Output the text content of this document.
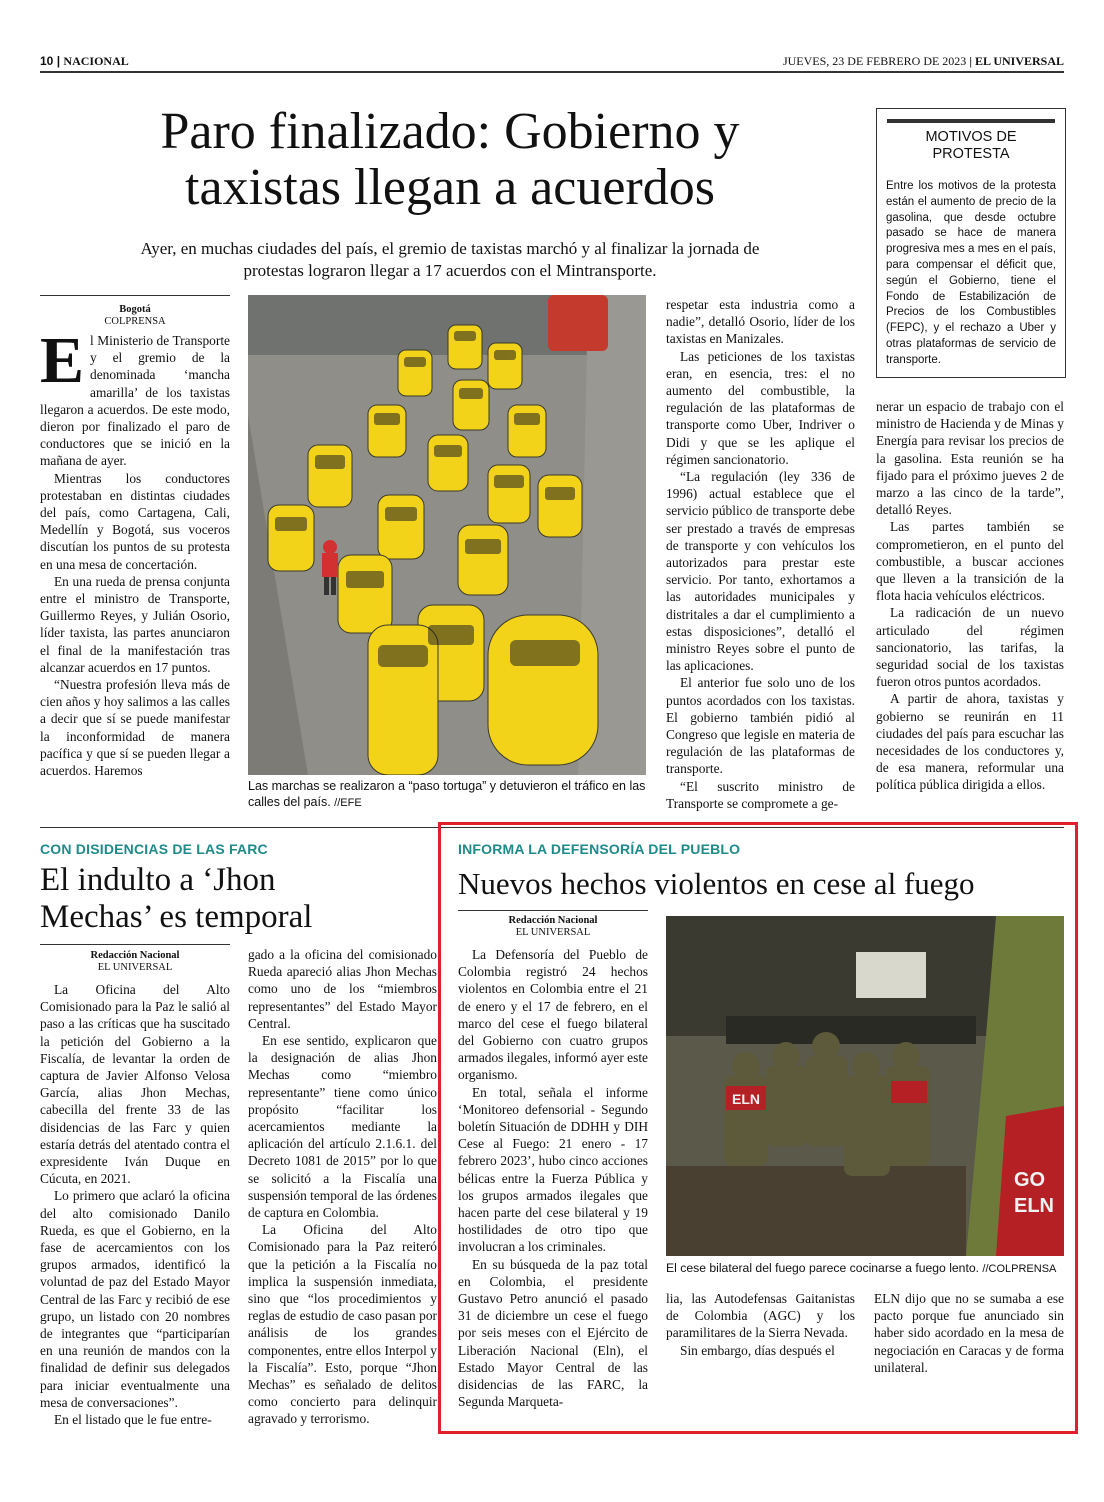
10 | NACIONAL	JUEVES, 23 DE FEBRERO DE 2023 | EL UNIVERSAL
Paro finalizado: Gobierno y
taxistas llegan a acuerdos
Ayer, en muchas ciudades del país, el gremio de taxistas marchó y al finalizar la jornada de
protestas lograron llegar a 17 acuerdos con el Mintransporte.
MOTIVOS DE
PROTESTA
Entre los motivos de la protesta están el aumento de precio de la gasolina, que desde octubre pasado se hace de manera progresiva mes a mes en el país, para compensar el déficit que, según el Gobierno, tiene el Fondo de Estabilización de Precios de los Combustibles (FEPC), y el rechazo a Uber y otras plataformas de servicio de transporte.
Bogotá
COLPRENSA

El Ministerio de Transporte y el gremio de la denominada ‘mancha amarilla’ de los taxistas llegaron a acuerdos. De este modo, dieron por finalizado el paro de conductores que se inició en la mañana de ayer.

Mientras los conductores protestaban en distintas ciudades del país, como Cartagena, Cali, Medellín y Bogotá, sus voceros discutían los puntos de su protesta en una mesa de concertación.

En una rueda de prensa conjunta entre el ministro de Transporte, Guillermo Reyes, y Julián Osorio, líder taxista, las partes anunciaron el final de la manifestación tras alcanzar acuerdos en 17 puntos.

“Nuestra profesión lleva más de cien años y hoy salimos a las calles a decir que sí se puede manifestar la inconformidad de manera pacífica y que sí se pueden llegar a acuerdos. Haremos

Las marchas se realizaron a “paso tortuga” y detuvieron el tráfico en las calles del país. //EFE

respetar esta industria como a nadie”, detalló Osorio, líder de los taxistas en Manizales.

Las peticiones de los taxistas eran, en esencia, tres: el no aumento del combustible, la regulación de las plataformas de transporte como Uber, Indriver o Didi y que se les aplique el régimen sancionatorio.

“La regulación (ley 336 de 1996) actual establece que el servicio público de transporte debe ser prestado a través de empresas de transporte y con vehículos los autorizados para prestar este servicio. Por tanto, exhortamos a las autoridades municipales y distritales a dar el cumplimiento a estas disposiciones”, detalló el ministro Reyes sobre el punto de las aplicaciones.

El anterior fue solo uno de los puntos acordados con los taxistas. El gobierno también pidió al Congreso que legisle en materia de regulación de las plataformas de transporte.

“El suscrito ministro de Transporte se compromete a ge-

nerar un espacio de trabajo con el ministro de Hacienda y de Minas y Energía para revisar los precios de la gasolina. Esta reunión se ha fijado para el próximo jueves 2 de marzo a las cinco de la tarde”, detalló Reyes.

Las partes también se comprometieron, en el punto del combustible, a buscar acciones que lleven a la transición de la flota hacia vehículos eléctricos.

La radicación de un nuevo articulado del régimen sancionatorio, las tarifas, la seguridad social de los taxistas fueron otros puntos acordados.

A partir de ahora, taxistas y gobierno se reunirán en 11 ciudades del país para escuchar las necesidades de los conductores y, de esa manera, reformular una política pública dirigida a ellos.

CON DISIDENCIAS DE LAS FARC
El indulto a ‘Jhon
Mechas’ es temporal
Redacción Nacional
EL UNIVERSAL

La Oficina del Alto Comisionado para la Paz le salió al paso a las críticas que ha suscitado la petición del Gobierno a la Fiscalía, de levantar la orden de captura de Javier Alfonso Velosa García, alias Jhon Mechas, cabecilla del frente 33 de las disidencias de las Farc y quien estaría detrás del atentado contra el expresidente Iván Duque en Cúcuta, en 2021.

Lo primero que aclaró la oficina del alto comisionado Danilo Rueda, es que el Gobierno, en la fase de acercamientos con los grupos armados, identificó la voluntad de paz del Estado Mayor Central de las Farc y recibió de ese grupo, un listado con 20 nombres de integrantes que “participarían en una reunión de mandos con la finalidad de definir sus delegados para iniciar eventualmente una mesa de conversaciones”.

En el listado que le fue entre-

gado a la oficina del comisionado Rueda apareció alias Jhon Mechas como uno de los “miembros representantes” del Estado Mayor Central.

En ese sentido, explicaron que la designación de alias Jhon Mechas como “miembro representante” tiene como único propósito “facilitar los acercamientos mediante la aplicación del artículo 2.1.6.1. del Decreto 1081 de 2015” por lo que se solicitó a la Fiscalía una suspensión temporal de las órdenes de captura en Colombia.

La Oficina del Alto Comisionado para la Paz reiteró que la petición a la Fiscalía no implica la suspensión inmediata, sino que “los procedimientos y reglas de estudio de caso pasan por análisis de los grandes componentes, entre ellos Interpol y la Fiscalía”. Esto, porque “Jhon Mechas” es señalado de delitos como concierto para delinquir agravado y terrorismo.

INFORMA LA DEFENSORÍA DEL PUEBLO
Nuevos hechos violentos en cese al fuego
Redacción Nacional
EL UNIVERSAL

La Defensoría del Pueblo de Colombia registró 24 hechos violentos en Colombia entre el 21 de enero y el 17 de febrero, en el marco del cese el fuego bilateral del Gobierno con cuatro grupos armados ilegales, informó ayer este organismo.

En total, señala el informe ‘Monitoreo defensorial - Segundo boletín Situación de DDHH y DIH Cese al Fuego: 21 enero - 17 febrero 2023’, hubo cinco acciones bélicas entre la Fuerza Pública y los grupos armados ilegales que hacen parte del cese bilateral y 19 hostilidades de otro tipo que involucran a los criminales.

En su búsqueda de la paz total en Colombia, el presidente Gustavo Petro anunció el pasado 31 de diciembre un cese el fuego por seis meses con el Ejército de Liberación Nacional (Eln), el Estado Mayor Central de las disidencias de las FARC, la Segunda Marqueta-

ELN
GO
ELN
El cese bilateral del fuego parece cocinarse a fuego lento. //COLPRENSA

lia, las Autodefensas Gaitanistas de Colombia (AGC) y los paramilitares de la Sierra Nevada.

Sin embargo, días después el

ELN dijo que no se sumaba a ese pacto porque fue anunciado sin haber sido acordado en la mesa de negociación en Caracas y de forma unilateral.
